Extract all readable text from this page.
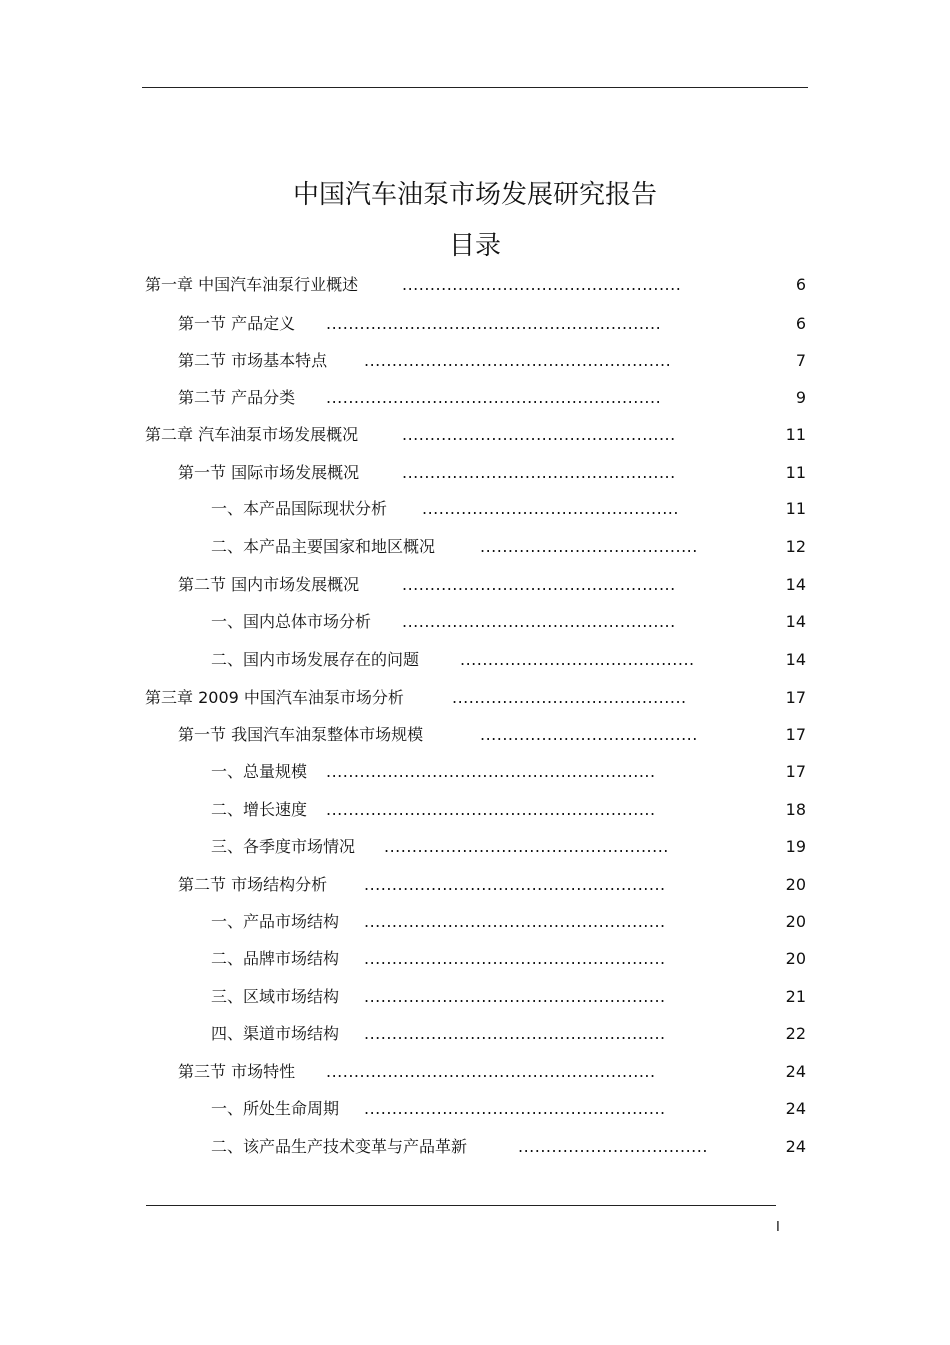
中国汽车油泵市场发展研究报告
目录
第一章 中国汽车油泵行业概述	..................................................	6
第一节 产品定义 ............................................................	6
第二节 市场基本特点 .......................................................	7
第二节 产品分类 ............................................................	9
第二章 汽车油泵市场发展概况	.................................................	11
第一节 国际市场发展概况	.................................................	11
一、本产品国际现状分析 ..............................................	11
二、本产品主要国家和地区概况	.......................................	12
第二节 国内市场发展概况	.................................................	14
一、国内总体市场分析 .................................................	14
二、国内市场发展存在的问题	..........................................	14
第三章 2009 中国汽车油泵市场分析	..........................................	17
第一节 我国汽车油泵整体市场规模	.......................................	17
一、总量规模 ...........................................................	17
二、增长速度 ...........................................................	18
三、各季度市场情况 ...................................................	19
第二节 市场结构分析 ......................................................	20
一、产品市场结构 ......................................................	20
二、品牌市场结构 ......................................................	20
三、区域市场结构 ......................................................	21
四、渠道市场结构 ......................................................	22
第三节 市场特性 ...........................................................	24
一、所处生命周期 ......................................................	24
二、该产品生产技术变革与产品革新	..................................	24
I
